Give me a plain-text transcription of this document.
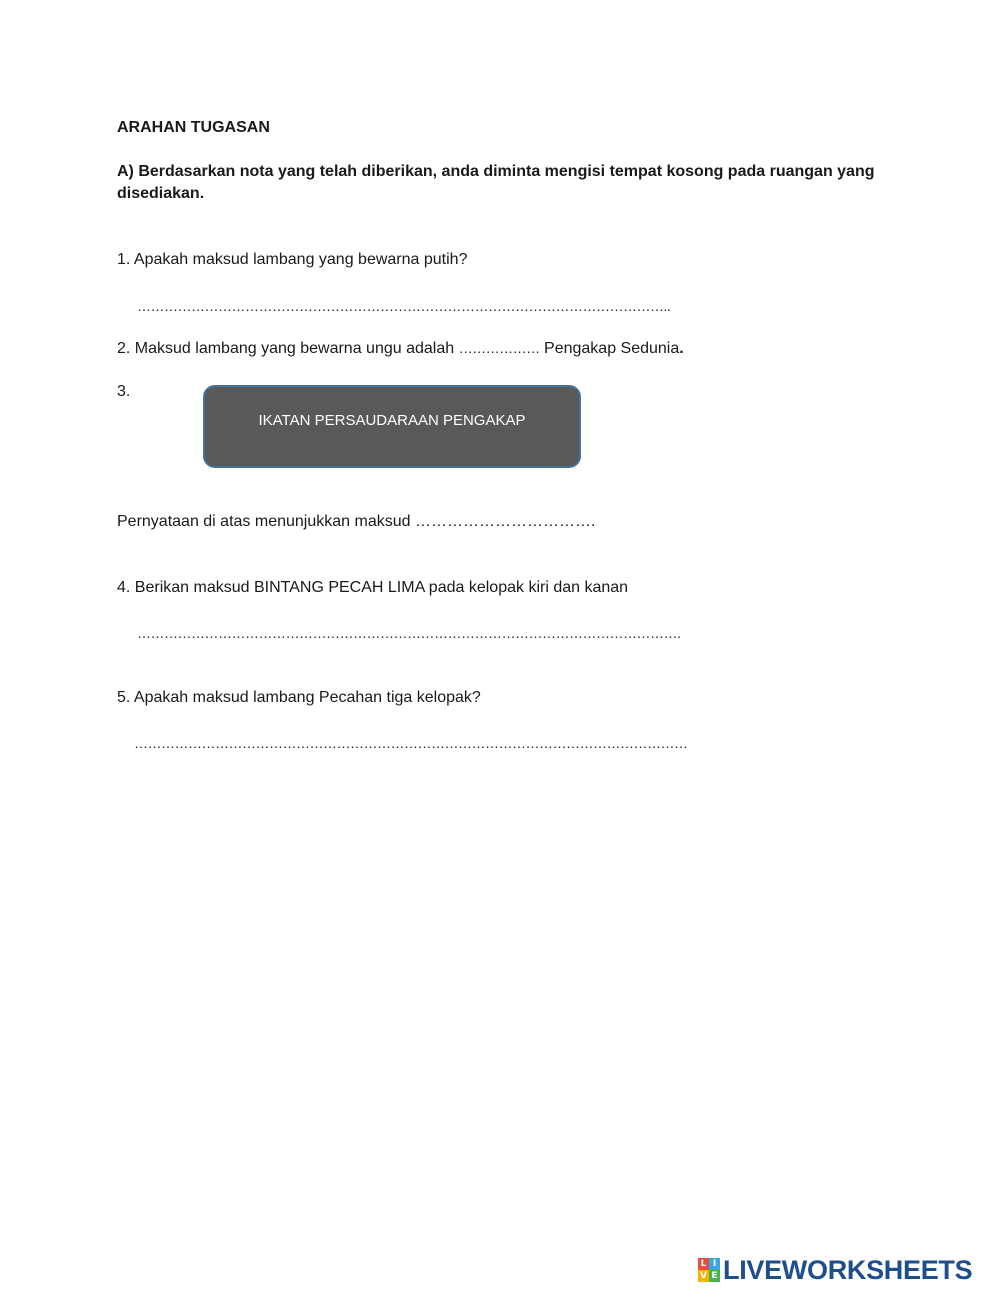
ARAHAN TUGASAN
A) Berdasarkan nota yang telah diberikan, anda diminta mengisi tempat kosong pada ruangan yang disediakan.
1. Apakah maksud lambang yang bewarna putih?
………………………………………………………………………………………………………..
2. Maksud lambang yang bewarna ungu adalah ……………… Pengakap Sedunia.
3.
IKATAN PERSAUDARAAN PENGAKAP
Pernyataan di atas menunjukkan maksud …………………………….
4. Berikan maksud BINTANG PECAH LIMA pada kelopak kiri dan kanan
………………………………………………………………………………………………………….
5. Apakah maksud lambang Pecahan tiga kelopak?
……………………………………………………………………………………………………………
L I
V E LIVEWORKSHEETS
